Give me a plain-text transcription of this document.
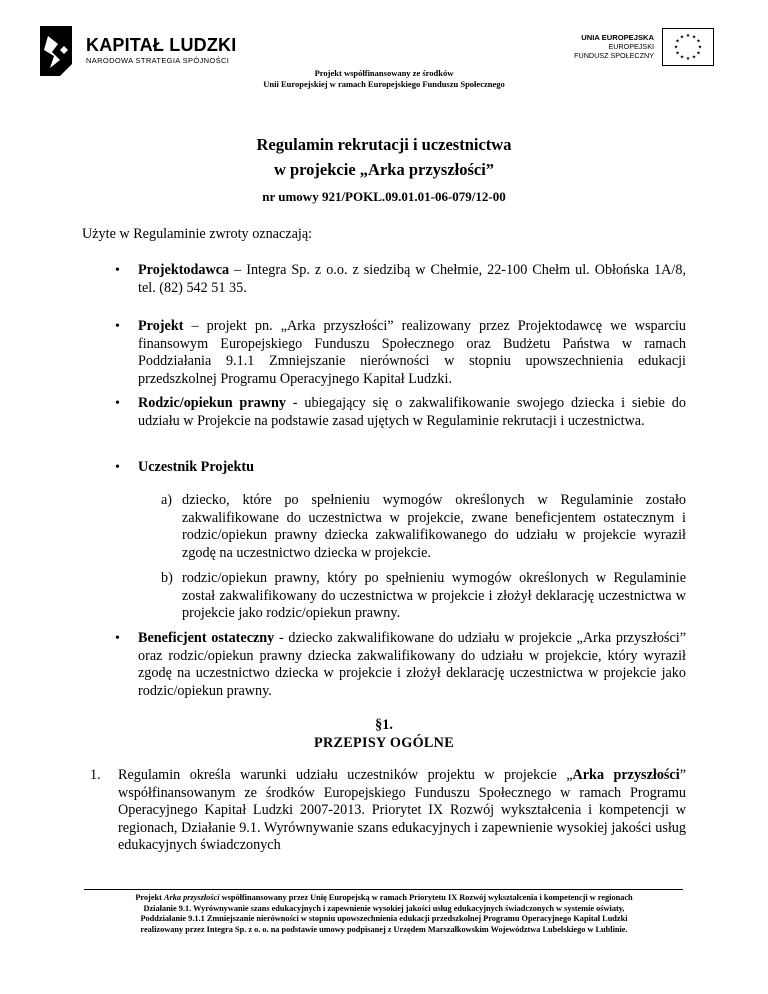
KAPITAŁ LUDZKI
NARODOWA STRATEGIA SPÓJNOŚCI
Projekt współfinansowany ze środków
Unii Europejskiej w ramach Europejskiego Funduszu Społecznego
UNIA EUROPEJSKA
EUROPEJSKI
FUNDUSZ SPOŁECZNY
★ ★
★
★
★
★
★
★
★
★
★
★
Regulamin rekrutacji i uczestnictwa
w projekcie „Arka przyszłości”
nr umowy 921/POKL.09.01.01-06-079/12-00
Użyte w Regulaminie zwroty oznaczają:
• Projektodawca – Integra Sp. z o.o. z siedzibą w Chełmie, 22-100 Chełm ul. Obłońska 1A/8, tel. (82) 542 51 35.
• Projekt – projekt pn. „Arka przyszłości” realizowany przez Projektodawcę we wsparciu finansowym Europejskiego Funduszu Społecznego oraz Budżetu Państwa w ramach Poddziałania 9.1.1 Zmniejszanie nierówności w stopniu upowszechnienia edukacji przedszkolnej Programu Operacyjnego Kapitał Ludzki.
• Rodzic/opiekun prawny - ubiegający się o zakwalifikowanie swojego dziecka i siebie do udziału w Projekcie na podstawie zasad ujętych w Regulaminie rekrutacji i uczestnictwa.
• Uczestnik Projektu
a) dziecko, które po spełnieniu wymogów określonych w Regulaminie zostało zakwalifikowane do uczestnictwa w projekcie, zwane beneficjentem ostatecznym i rodzic/opiekun prawny dziecka zakwalifikowanego do udziału w projekcie wyraził zgodę na uczestnictwo dziecka w projekcie.
b) rodzic/opiekun prawny, który po spełnieniu wymogów określonych w Regulaminie został zakwalifikowany do uczestnictwa w projekcie i złożył deklarację uczestnictwa w projekcie jako rodzic/opiekun prawny.
• Beneficjent ostateczny - dziecko zakwalifikowane do udziału w projekcie „Arka przyszłości” oraz rodzic/opiekun prawny dziecka zakwalifikowany do udziału w projekcie, który wyraził zgodę na uczestnictwo dziecka w projekcie i złożył deklarację uczestnictwa w projekcie jako rodzic/opiekun prawny.
§1.
PRZEPISY OGÓLNE
1. Regulamin określa warunki udziału uczestników projektu w projekcie „Arka przyszłości” współfinansowanym ze środków Europejskiego Funduszu Społecznego w ramach Programu Operacyjnego Kapitał Ludzki 2007-2013. Priorytet IX Rozwój wykształcenia i kompetencji w regionach, Działanie 9.1. Wyrównywanie szans edukacyjnych i zapewnienie wysokiej jakości usług edukacyjnych świadczonych
Projekt Arka przyszłości współfinansowany przez Unię Europejską w ramach Priorytetu IX Rozwój wykształcenia i kompetencji w regionach
Działanie 9.1. Wyrównywanie szans edukacyjnych i zapewnienie wysokiej jakości usług edukacyjnych świadczonych w systemie oświaty,
Poddziałanie 9.1.1 Zmniejszanie nierówności w stopniu upowszechnienia edukacji przedszkolnej Programu Operacyjnego Kapitał Ludzki
realizowany przez Integra Sp. z o. o. na podstawie umowy podpisanej z Urzędem Marszałkowskim Województwa Lubelskiego w Lublinie.
